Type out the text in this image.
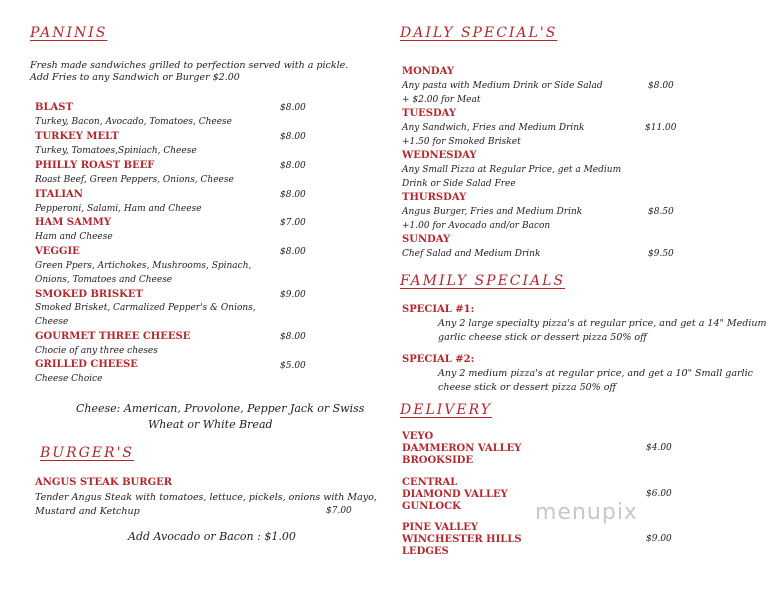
PANINIS
Fresh made sandwiches grilled to perfection served with a pickle.
Add Fries to any Sandwich or Burger $2.00
BLAST	$8.00
Turkey, Bacon, Avocado, Tomatoes, Cheese
TURKEY MELT	$8.00
Turkey, Tomatoes,Spiniach, Cheese
PHILLY ROAST BEEF	$8.00
Roast Beef, Green Peppers, Onions, Cheese
ITALIAN	$8.00
Pepperoni, Salami, Ham and Cheese
HAM SAMMY	$7.00
Ham and Cheese
VEGGIE	$8.00
Green Ppers, Artichokes, Mushrooms, Spinach,
Onions, Tomatoes and Cheese
SMOKED BRISKET	$9.00
Smoked Brisket, Carmalized Pepper's & Onions,
Cheese
GOURMET THREE CHEESE	$8.00
Chocie of any three cheses
GRILLED CHEESE	$5.00
Cheese Choice
Cheese: American, Provolone, Pepper Jack or Swiss
Wheat or White Bread
BURGER'S
ANGUS STEAK BURGER
Tender Angus Steak with tomatoes, lettuce, pickels, onions with Mayo,
Mustard and Ketchup	$7.00
Add Avocado or Bacon : $1.00
DAILY SPECIAL'S
MONDAY
Any pasta with Medium Drink or Side Salad	$8.00
+ $2.00 for Meat
TUESDAY
Any Sandwich, Fries and Medium Drink	$11.00
+1.50 for Smoked Brisket
WEDNESDAY
Any Small Pizza at Regular Price, get a Medium
Drink or Side Salad Free
THURSDAY
Angus Burger, Fries and Medium Drink	$8.50
+1.00 for Avocado and/or Bacon
SUNDAY
Chef Salad and Medium Drink	$9.50
FAMILY SPECIALS
SPECIAL #1:
Any 2 large specialty pizza's at regular price, and get a 14" Medium
garlic cheese stick or dessert pizza 50% off
SPECIAL #2:
Any 2 medium pizza's at regular price, and get a 10" Small garlic
cheese stick or dessert pizza 50% off
DELIVERY
VEYO
DAMMERON VALLEY	$4.00
BROOKSIDE
CENTRAL
DIAMOND VALLEY	$6.00
GUNLOCK
PINE VALLEY
WINCHESTER HILLS	$9.00
LEDGES
menupix
